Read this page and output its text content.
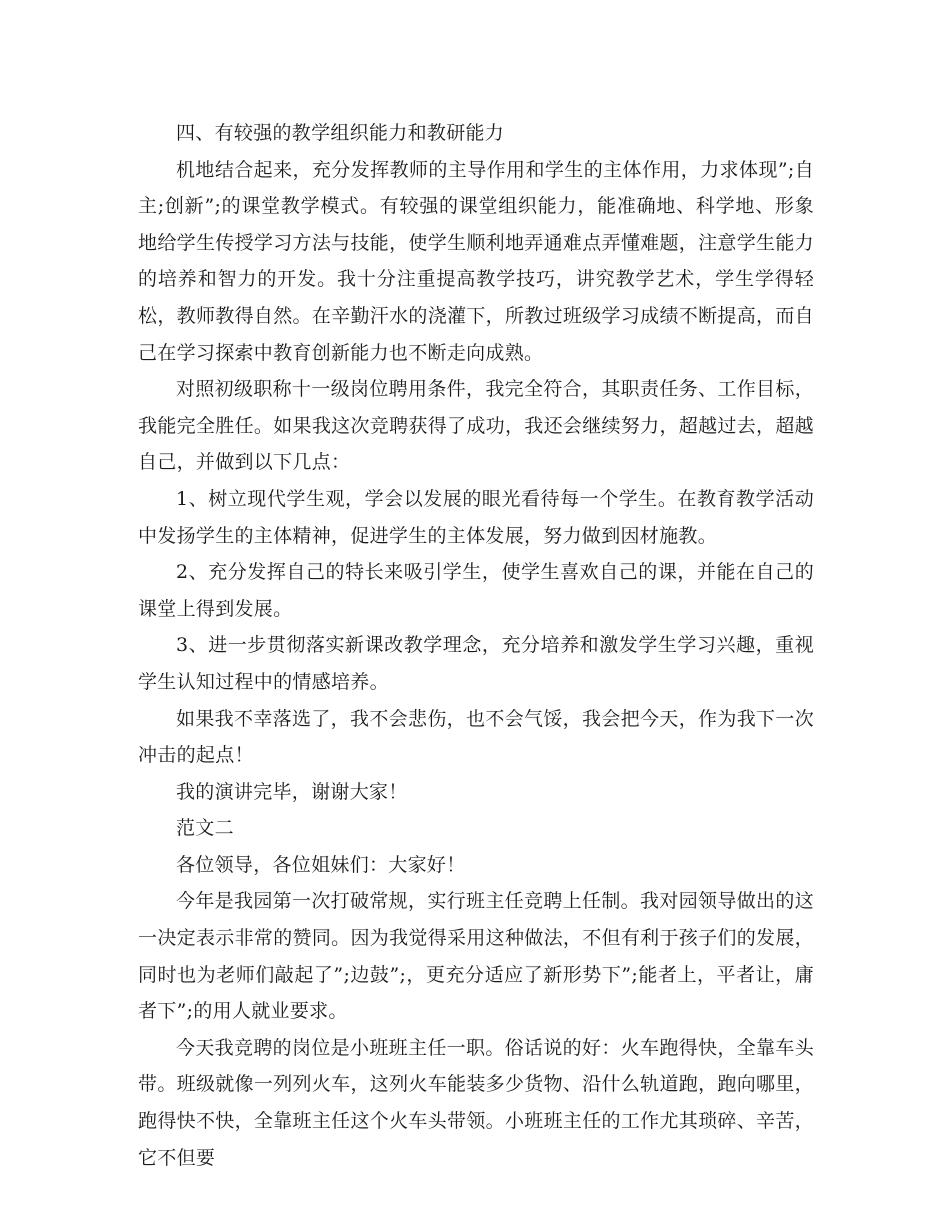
四、有较强的教学组织能力和教研能力

机地结合起来，充分发挥教师的主导作用和学生的主体作用，力求体现”;自主;创新”;的课堂教学模式。有较强的课堂组织能力，能准确地、科学地、形象地给学生传授学习方法与技能，使学生顺利地弄通难点弄懂难题，注意学生能力的培养和智力的开发。我十分注重提高教学技巧，讲究教学艺术，学生学得轻松，教师教得自然。在辛勤汗水的浇灌下，所教过班级学习成绩不断提高，而自己在学习探索中教育创新能力也不断走向成熟。

对照初级职称十一级岗位聘用条件，我完全符合，其职责任务、工作目标，我能完全胜任。如果我这次竞聘获得了成功，我还会继续努力，超越过去，超越自己，并做到以下几点：

1、树立现代学生观，学会以发展的眼光看待每一个学生。在教育教学活动中发扬学生的主体精神，促进学生的主体发展，努力做到因材施教。

2、充分发挥自己的特长来吸引学生，使学生喜欢自己的课，并能在自己的课堂上得到发展。

3、进一步贯彻落实新课改教学理念，充分培养和激发学生学习兴趣，重视学生认知过程中的情感培养。

如果我不幸落选了，我不会悲伤，也不会气馁，我会把今天，作为我下一次冲击的起点！

我的演讲完毕，谢谢大家！

范文二

各位领导，各位姐妹们：大家好！

今年是我园第一次打破常规，实行班主任竞聘上任制。我对园领导做出的这一决定表示非常的赞同。因为我觉得采用这种做法，不但有利于孩子们的发展，同时也为老师们敲起了”;边鼓”;，更充分适应了新形势下”;能者上，平者让，庸者下”;的用人就业要求。

今天我竞聘的岗位是小班班主任一职。俗话说的好：火车跑得快，全靠车头带。班级就像一列列火车，这列火车能装多少货物、沿什么轨道跑，跑向哪里，跑得快不快，全靠班主任这个火车头带领。小班班主任的工作尤其琐碎、辛苦，它不但要
